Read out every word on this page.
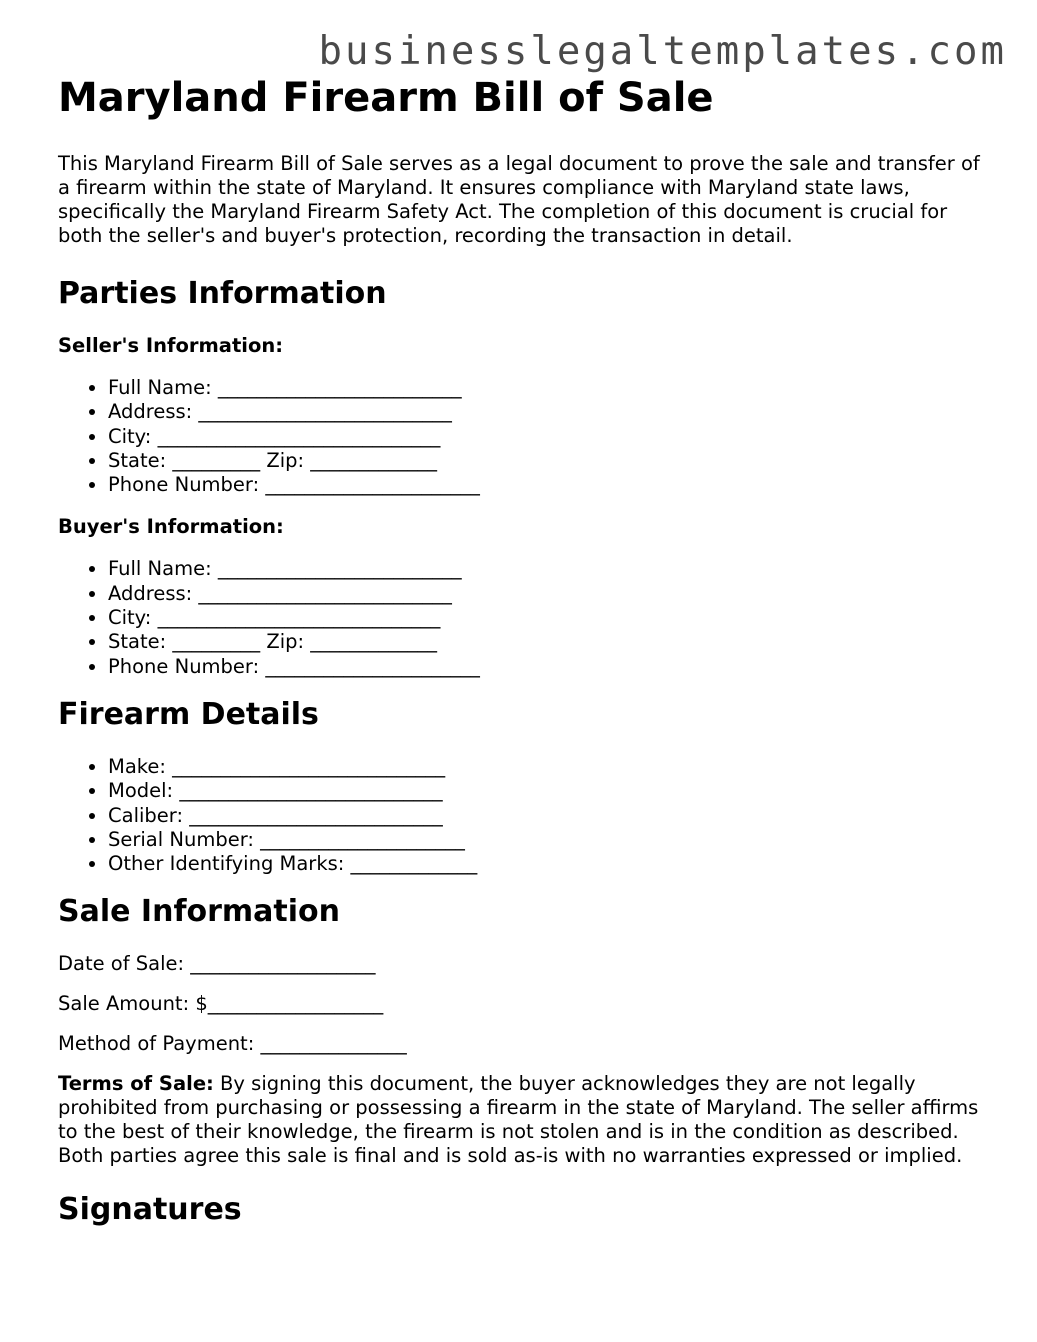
businesslegaltemplates.com
Maryland Firearm Bill of Sale

This Maryland Firearm Bill of Sale serves as a legal document to prove the sale and transfer of a firearm within the state of Maryland. It ensures compliance with Maryland state laws, specifically the Maryland Firearm Safety Act. The completion of this document is crucial for both the seller's and buyer's protection, recording the transaction in detail.

Parties Information
Seller's Information:
• Full Name: _________________________
• Address: __________________________
• City: _____________________________
• State: _________ Zip: _____________
• Phone Number: ______________________
Buyer's Information:
• Full Name: _________________________
• Address: __________________________
• City: _____________________________
• State: _________ Zip: _____________
• Phone Number: ______________________
Firearm Details
• Make: ____________________________
• Model: ___________________________
• Caliber: __________________________
• Serial Number: _____________________
• Other Identifying Marks: _____________
Sale Information

Date of Sale: ___________________

Sale Amount: $__________________

Method of Payment: _______________

Terms of Sale: By signing this document, the buyer acknowledges they are not legally prohibited from purchasing or possessing a firearm in the state of Maryland. The seller affirms to the best of their knowledge, the firearm is not stolen and is in the condition as described. Both parties agree this sale is final and is sold as-is with no warranties expressed or implied.

Signatures
